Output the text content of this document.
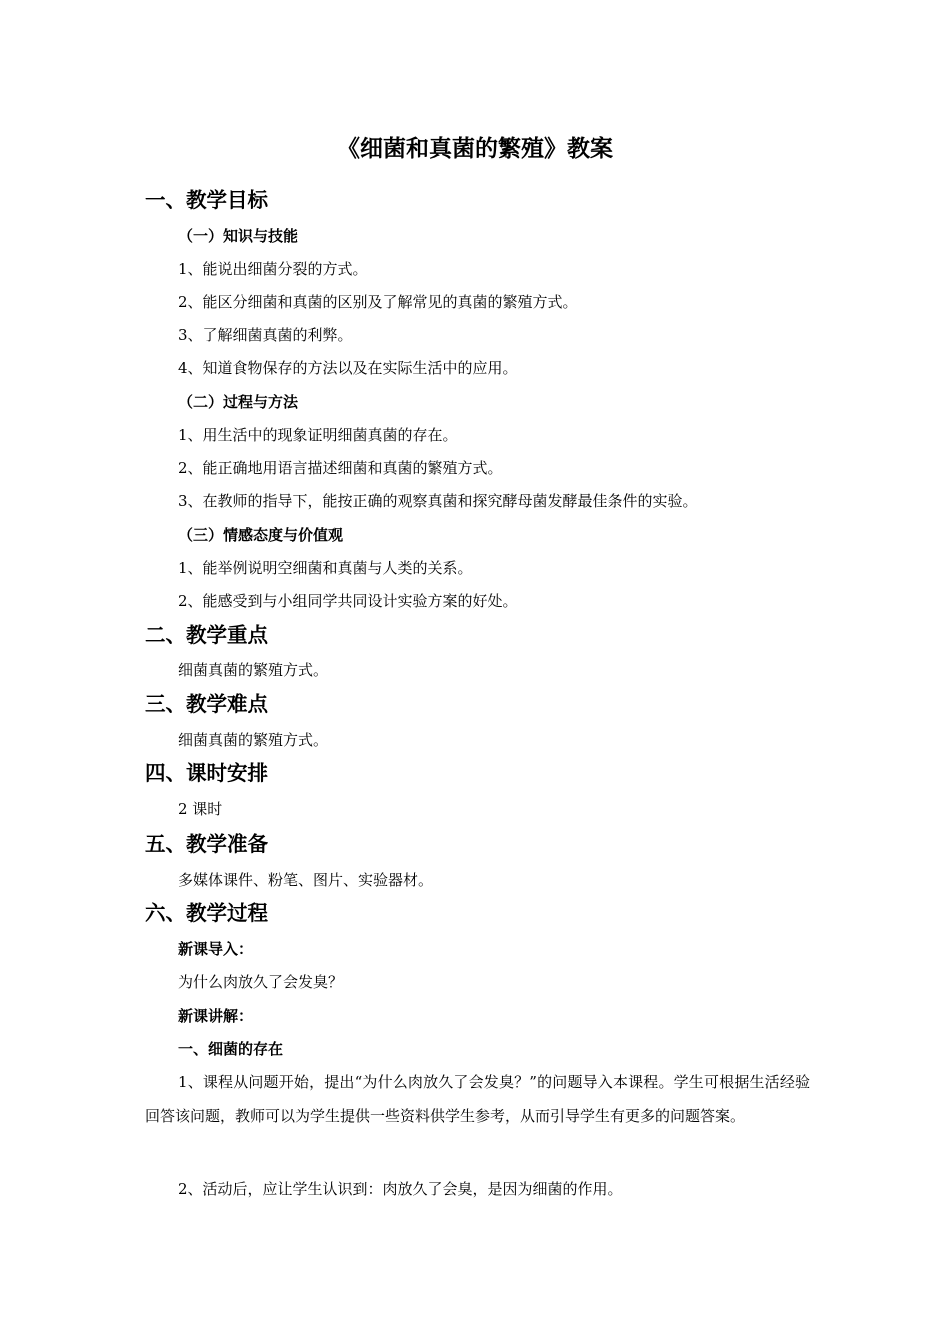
《细菌和真菌的繁殖》教案
一、教学目标
（一）知识与技能
1、能说出细菌分裂的方式。
2、能区分细菌和真菌的区别及了解常见的真菌的繁殖方式。
3、了解细菌真菌的利弊。
4、知道食物保存的方法以及在实际生活中的应用。
（二）过程与方法
1、用生活中的现象证明细菌真菌的存在。
2、能正确地用语言描述细菌和真菌的繁殖方式。
3、在教师的指导下，能按正确的观察真菌和探究酵母菌发酵最佳条件的实验。
（三）情感态度与价值观
1、能举例说明空细菌和真菌与人类的关系。
2、能感受到与小组同学共同设计实验方案的好处。
二、教学重点
细菌真菌的繁殖方式。
三、教学难点
细菌真菌的繁殖方式。
四、课时安排
2 课时
五、教学准备
多媒体课件、粉笔、图片、实验器材。
六、教学过程
新课导入：
为什么肉放久了会发臭？
新课讲解：
一、细菌的存在
1、课程从问题开始，提出“为什么肉放久了会发臭？”的问题导入本课程。学生可根据生活经验回答该问题，教师可以为学生提供一些资料供学生参考，从而引导学生有更多的问题答案。
2、活动后，应让学生认识到：肉放久了会臭，是因为细菌的作用。
